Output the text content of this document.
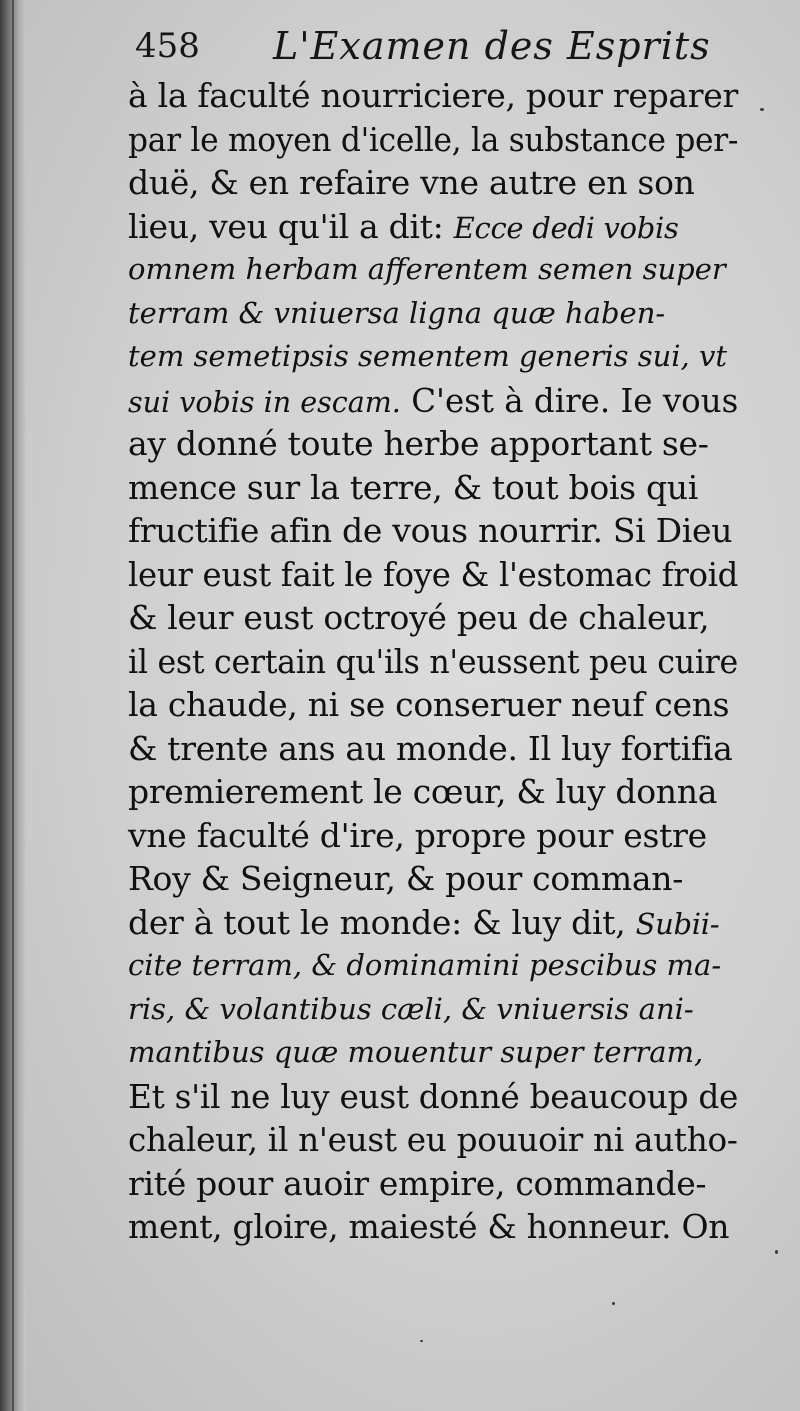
458 L'Examen des Esprits
à la faculté nourriciere, pour reparer
par le moyen d'icelle, la substance per-
duë, & en refaire vne autre en son
lieu, veu qu'il a dit: Ecce dedi vobis
omnem herbam afferentem semen super
terram & vniuersa ligna quæ haben-
tem semetipsis sementem generis sui, vt
sui vobis in escam. C'est à dire. Ie vous
ay donné toute herbe apportant se-
mence sur la terre, & tout bois qui
fructifie afin de vous nourrir. Si Dieu
leur eust fait le foye & l'estomac froid
& leur eust octroyé peu de chaleur,
il est certain qu'ils n'eussent peu cuire
la chaude, ni se conseruer neuf cens
& trente ans au monde. Il luy fortifia
premierement le cœur, & luy donna
vne faculté d'ire, propre pour estre
Roy & Seigneur, & pour comman-
der à tout le monde: & luy dit, Subii-
cite terram, & dominamini pescibus ma-
ris, & volantibus cæli, & vniuersis ani-
mantibus quæ mouentur super terram,
Et s'il ne luy eust donné beaucoup de
chaleur, il n'eust eu pouuoir ni autho-
rité pour auoir empire, commande-
ment, gloire, maiesté & honneur. On
